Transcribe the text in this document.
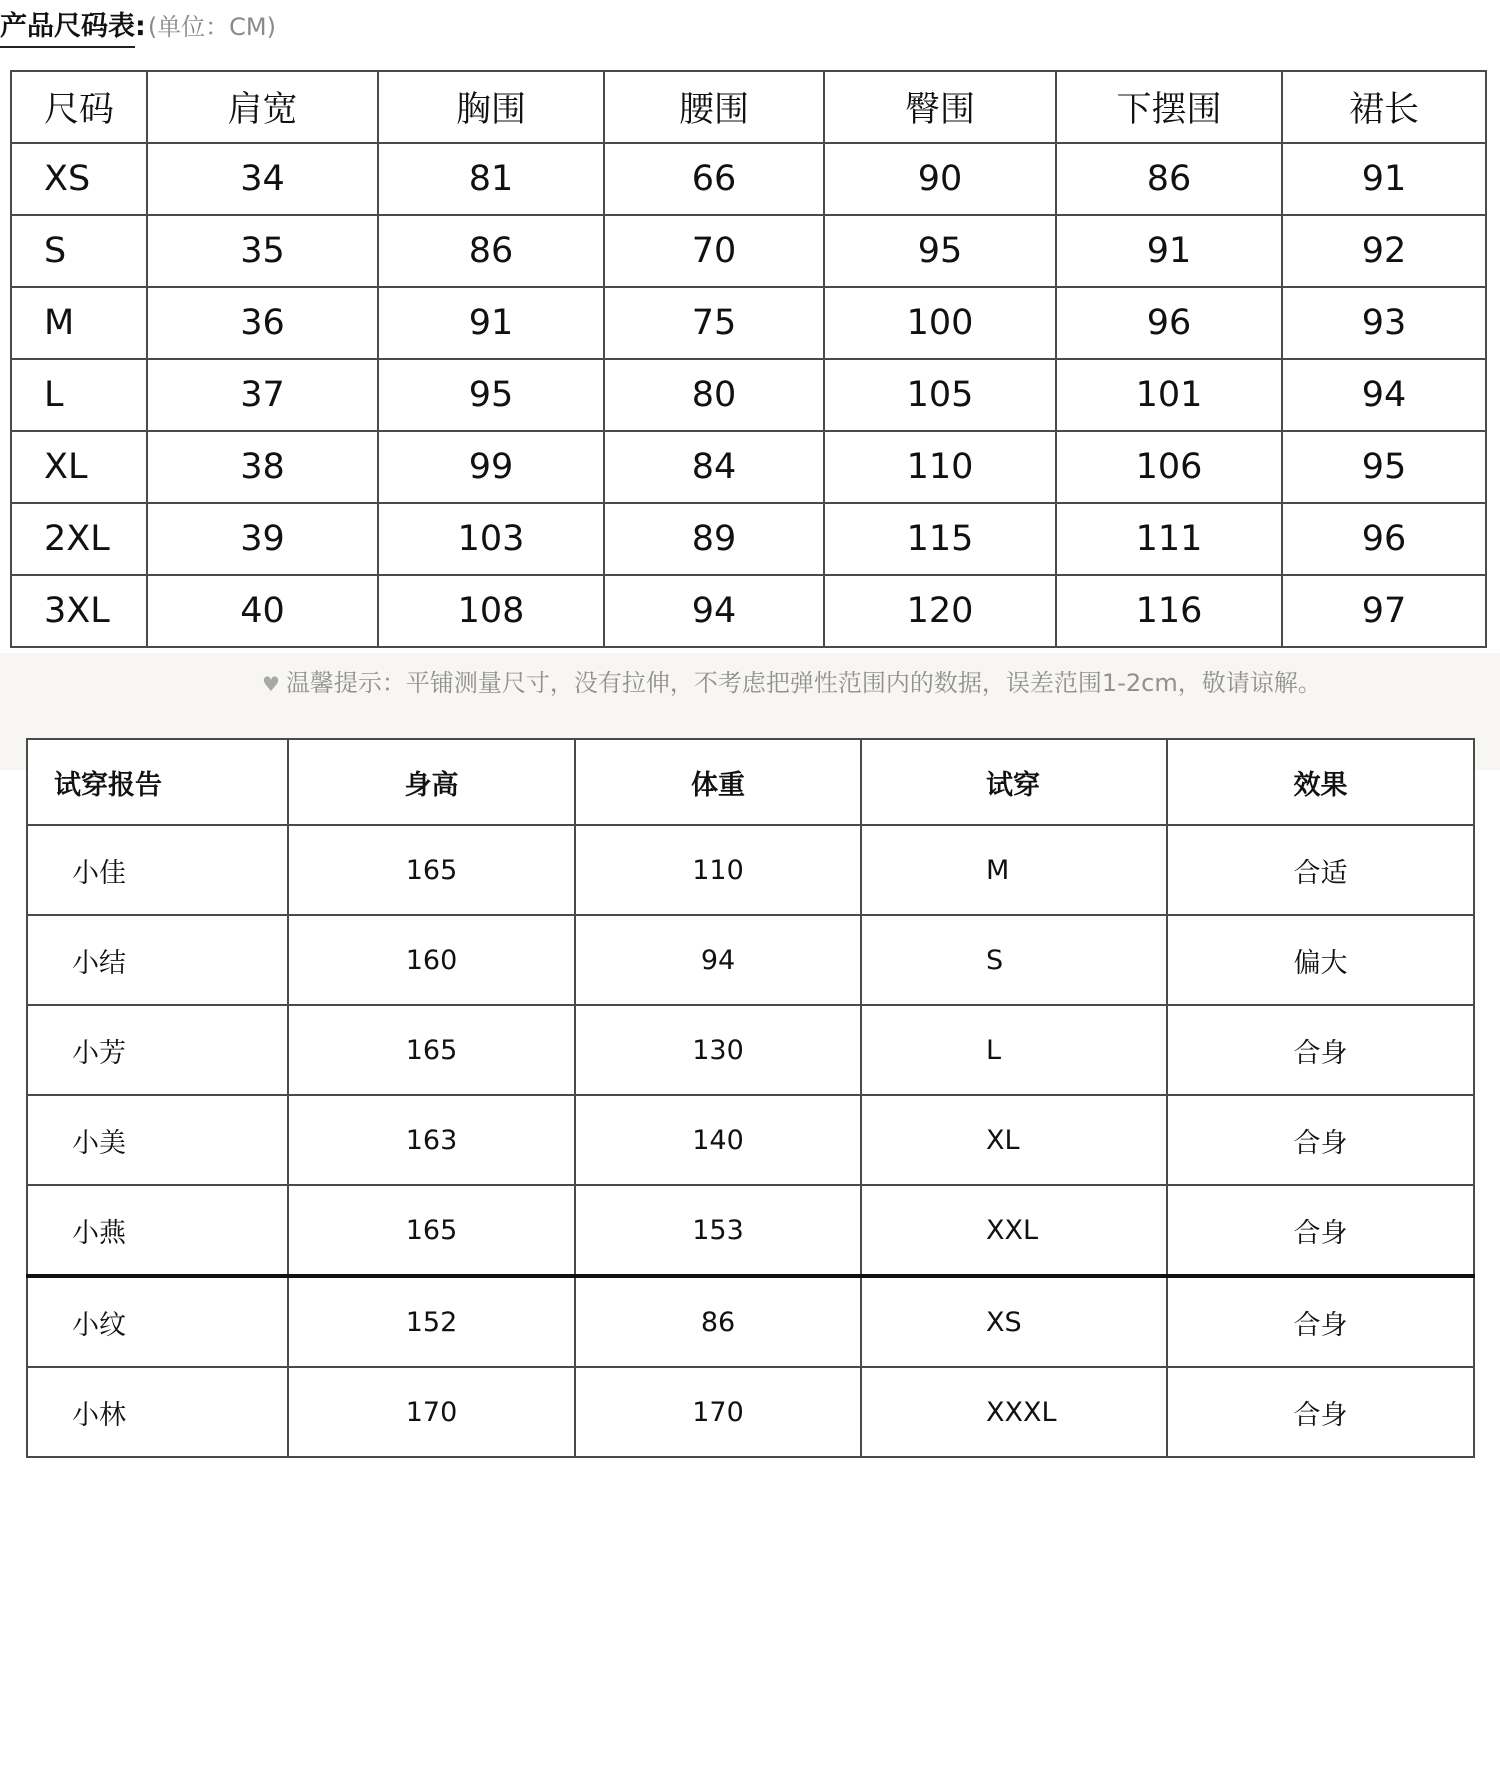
产品尺码表 : (单位：CM)
尺码	肩宽	胸围	腰围	臀围	下摆围	裙长
XS	34	81	66	90	86	91
S	35	86	70	95	91	92
M	36	91	75	100	96	93
L	37	95	80	105	101	94
XL	38	99	84	110	106	95
2XL	39	103	89	115	111	96
3XL	40	108	94	120	116	97
♥ 温馨提示：平铺测量尺寸，没有拉伸，不考虑把弹性范围内的数据，误差范围1-2cm，敬请谅解。
试穿报告	身高	体重	试穿	效果
小佳	165	110	M	合适
小结	160	94	S	偏大
小芳	165	130	L	合身
小美	163	140	XL	合身
小燕	165	153	XXL	合身
小纹	152	86	XS	合身
小林	170	170	XXXL	合身
